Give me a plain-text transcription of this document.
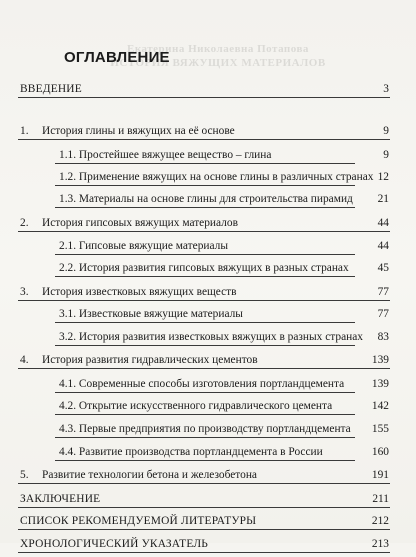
Екатерина Николаевна Потапова
ИСТОРИЯ ВЯЖУЩИХ МАТЕРИАЛОВ
ОГЛАВЛЕНИЕ
ВВЕДЕНИЕ	3
1.	История глины и вяжущих на её основе	9
1.1. Простейшее вяжущее вещество – глина	9
1.2. Применение вяжущих на основе глины в различных странах 12
1.3. Материалы на основе глины для строительства пирамид	21
2.	История гипсовых вяжущих материалов	44
2.1. Гипсовые вяжущие материалы	44
2.2. История развития гипсовых вяжущих в разных странах	45
3.	История известковых вяжущих веществ	77
3.1. Известковые вяжущие материалы	77
3.2. История развития известковых вяжущих в разных странах	83
4.	История развития гидравлических цементов	139
4.1. Современные способы изготовления портландцемента	139
4.2. Открытие искусственного гидравлического цемента	142
4.3. Первые предприятия по производству портландцемента	155
4.4. Развитие производства портландцемента в России	160
5.	Развитие технологии бетона и железобетона	191
ЗАКЛЮЧЕНИЕ	211
СПИСОК РЕКОМЕНДУЕМОЙ ЛИТЕРАТУРЫ	212
ХРОНОЛОГИЧЕСКИЙ УКАЗАТЕЛЬ	213
